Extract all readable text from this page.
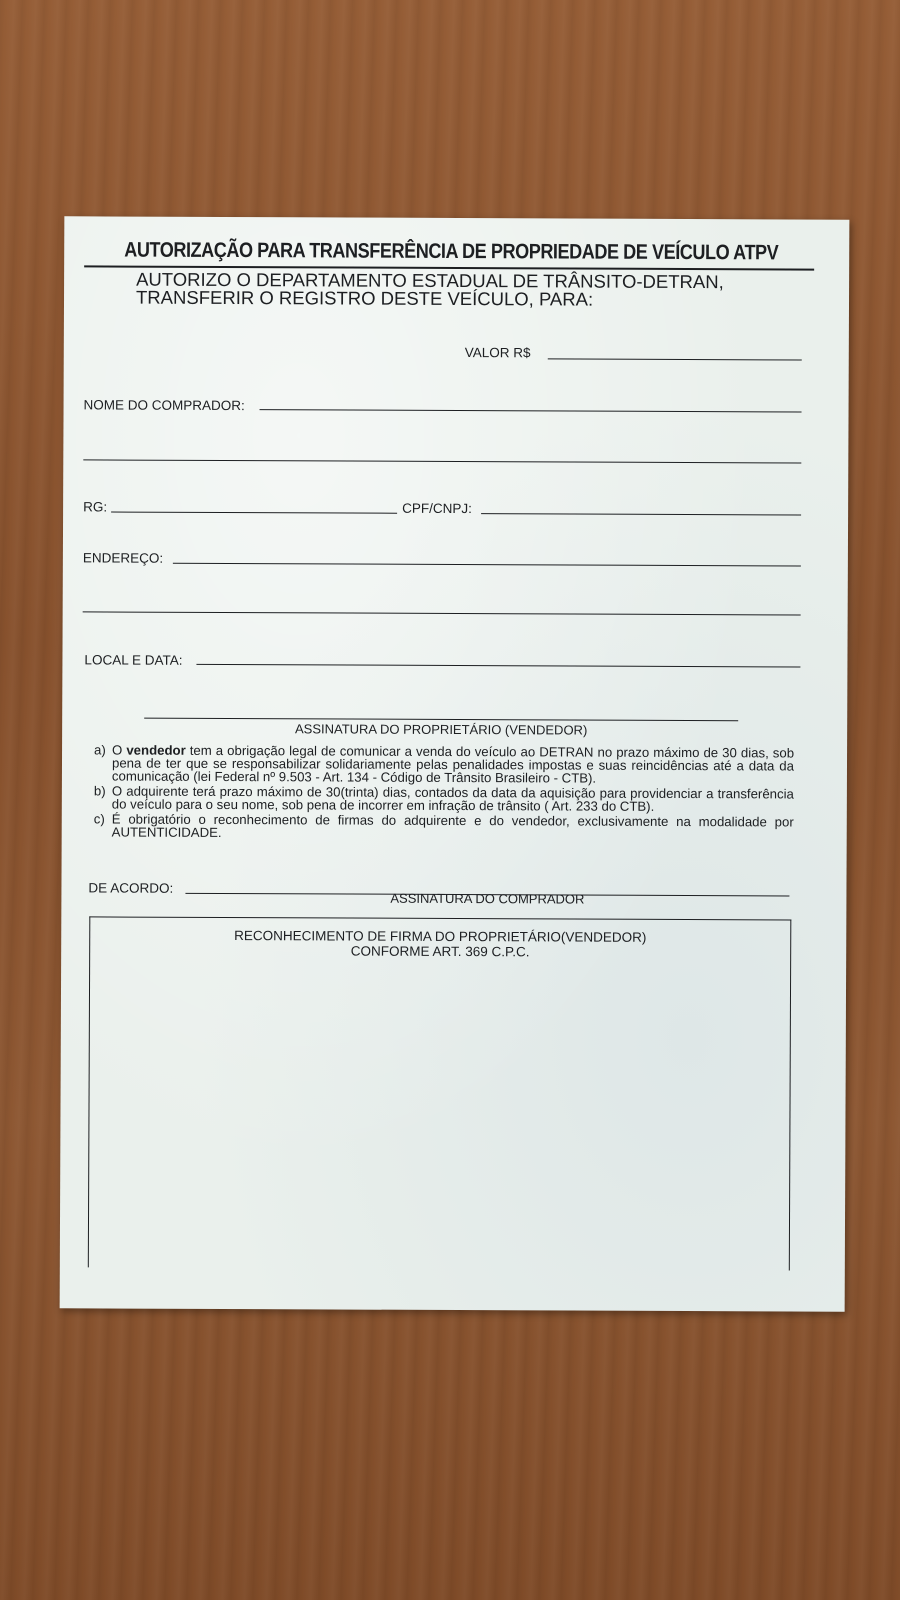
AUTORIZAÇÃO PARA TRANSFERÊNCIA DE PROPRIEDADE DE VEÍCULO ATPV
AUTORIZO O DEPARTAMENTO ESTADUAL DE TRÂNSITO-DETRAN,
TRANSFERIR O REGISTRO DESTE VEÍCULO, PARA:
VALOR R$
NOME DO COMPRADOR:
RG:	CPF/CNPJ:
ENDEREÇO:
LOCAL E DATA:
ASSINATURA DO PROPRIETÁRIO (VENDEDOR)
a) O vendedor tem a obrigação legal de comunicar a venda do veículo ao DETRAN no prazo máximo de 30 dias, sob pena de ter que se responsabilizar solidariamente pelas penalidades impostas e suas reincidências até a data da comunicação (lei Federal nº 9.503 - Art. 134 - Código de Trânsito Brasileiro - CTB).
b) O adquirente terá prazo máximo de 30(trinta) dias, contados da data da aquisição para providenciar a transferência do veículo para o seu nome, sob pena de incorrer em infração de trânsito ( Art. 233 do CTB).
c) É obrigatório o reconhecimento de firmas do adquirente e do vendedor, exclusivamente na modalidade por AUTENTICIDADE.
DE ACORDO:
ASSINATURA DO COMPRADOR
RECONHECIMENTO DE FIRMA DO PROPRIETÁRIO(VENDEDOR)
CONFORME ART. 369 C.P.C.
